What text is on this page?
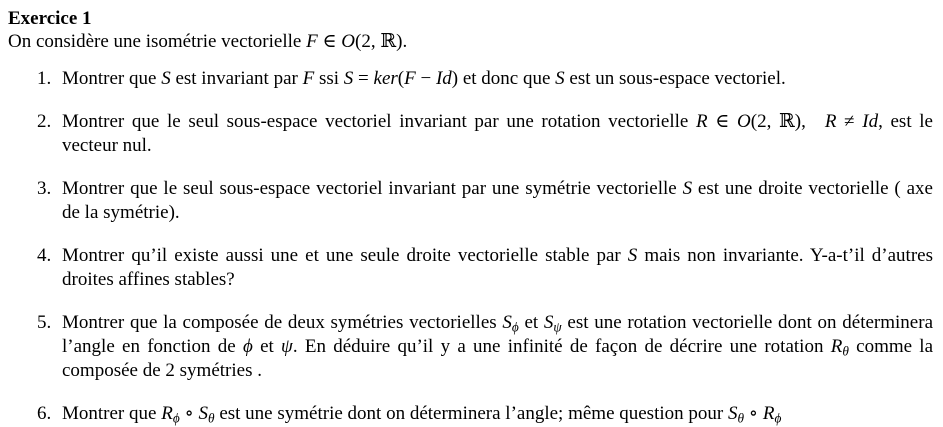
Exercice 1
On considère une isométrie vectorielle F ∈ O(2, ℝ).
1. Montrer que S est invariant par F ssi S = ker(F − Id) et donc que S est un sous-espace vectoriel.
2. Montrer que le seul sous-espace vectoriel invariant par une rotation vectorielle R ∈ O(2, ℝ), R ≠ Id, est le vecteur nul.
3. Montrer que le seul sous-espace vectoriel invariant par une symétrie vectorielle S est une droite vectorielle ( axe de la symétrie).
4. Montrer qu’il existe aussi une et une seule droite vectorielle stable par S mais non invariante. Y-a-t’il d’autres droites affines stables?
5. Montrer que la composée de deux symétries vectorielles Sϕ et Sψ est une rotation vectorielle dont on déterminera l’angle en fonction de ϕ et ψ. En déduire qu’il y a une infinité de façon de décrire une rotation Rθ comme la composée de 2 symétries .
6. Montrer que Rϕ ∘ Sθ est une symétrie dont on déterminera l’angle; même question pour Sθ ∘ Rϕ
